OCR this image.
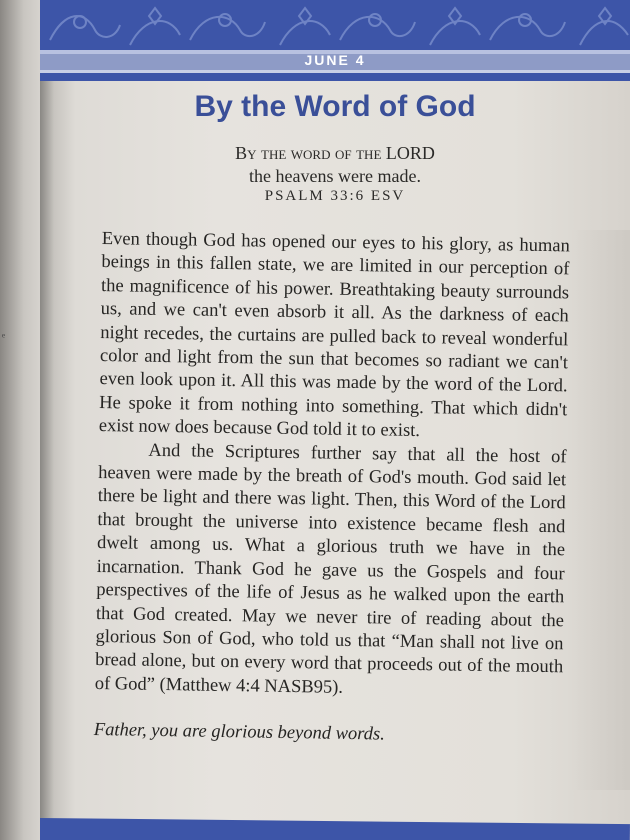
ᵉ
JUNE 4
By the Word of God
By the word of the LORD
the heavens were made.
PSALM 33:6 ESV

Even though God has opened our eyes to his glory, as human beings in this fallen state, we are limited in our perception of the magnificence of his power. Breathtaking beauty surrounds us, and we can't even absorb it all. As the darkness of each night recedes, the curtains are pulled back to reveal wonderful color and light from the sun that becomes so radiant we can't even look upon it. All this was made by the word of the Lord. He spoke it from nothing into something. That which didn't exist now does because God told it to exist.

And the Scriptures further say that all the host of heaven were made by the breath of God's mouth. God said let there be light and there was light. Then, this Word of the Lord that brought the universe into existence became flesh and dwelt among us. What a glorious truth we have in the incarnation. Thank God he gave us the Gospels and four perspectives of the life of Jesus as he walked upon the earth that God created. May we never tire of reading about the glorious Son of God, who told us that “Man shall not live on bread alone, but on every word that proceeds out of the mouth of God” (Matthew 4:4 NASB95).

Father, you are glorious beyond words.
